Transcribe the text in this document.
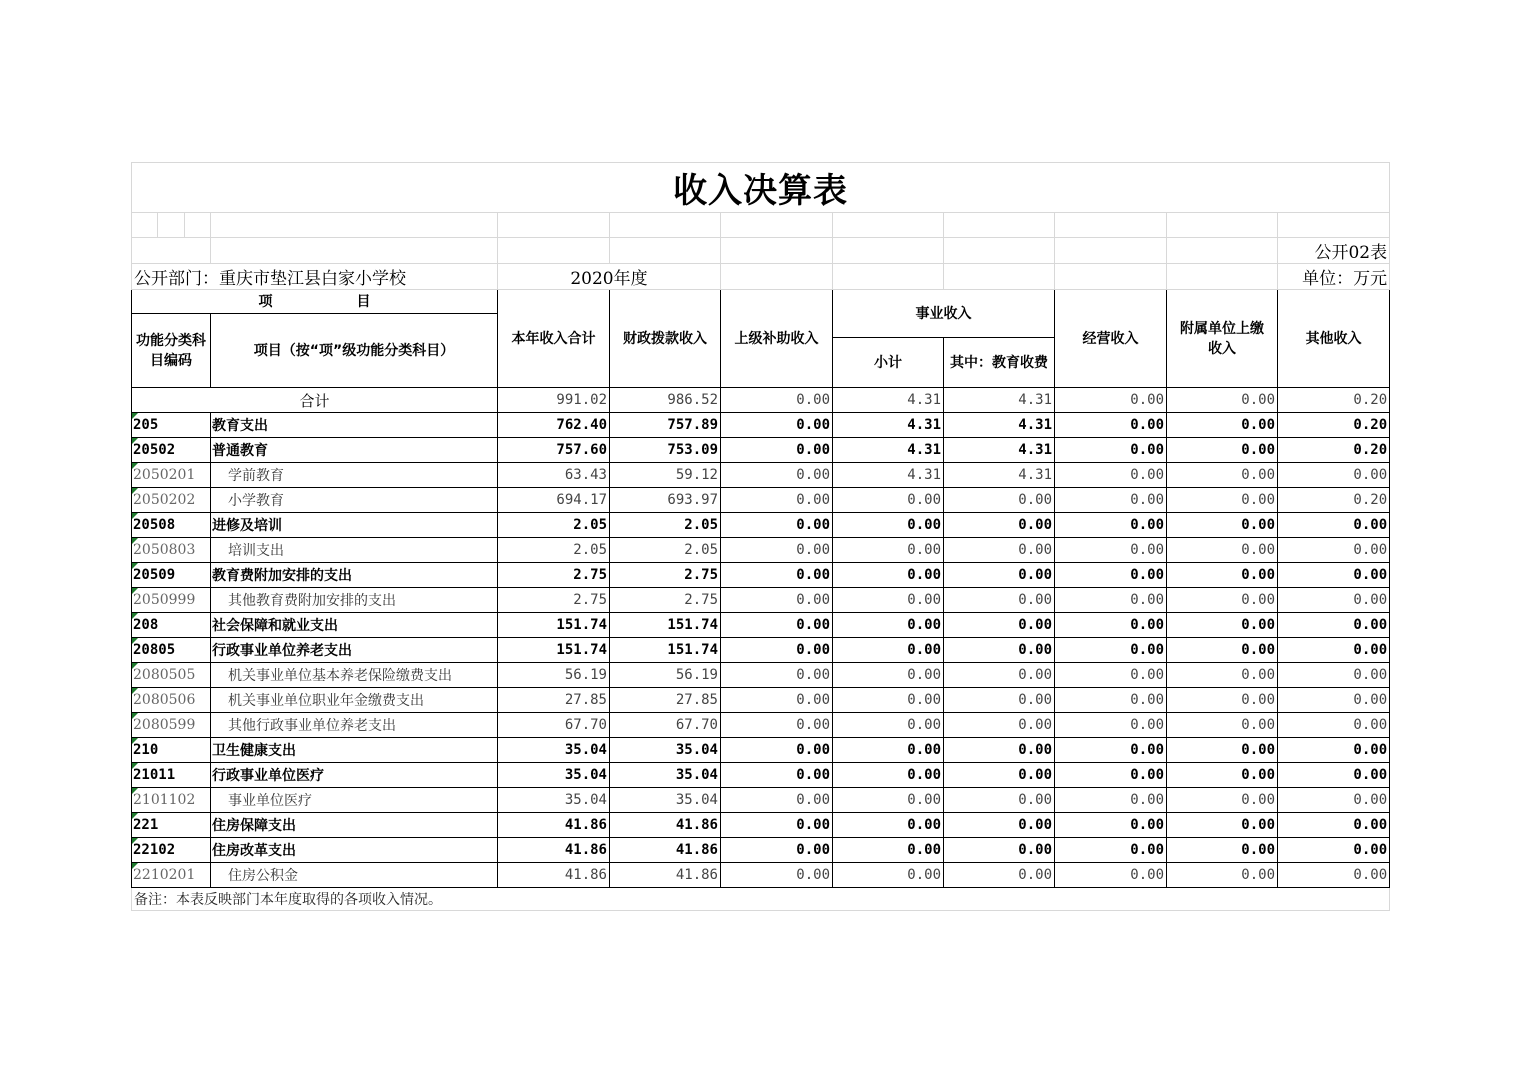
收入决算表											

											公开02表
公开部门：重庆市垫江县白家小学校				2020年度							单位：万元
项　　　　　　目				本年收入合计	财政拨款收入	上级补助收入	事业收入		经营收入	附属单位上缴收入	其他收入
功能分类科目编码			项目（按“项”级功能分类科目）								
							小计	其中：教育收费			
合计				991.02	986.52	0.00	4.31	4.31	0.00	0.00	0.20
205			教育支出	762.40	757.89	0.00	4.31	4.31	0.00	0.00	0.20
20502			普通教育	757.60	753.09	0.00	4.31	4.31	0.00	0.00	0.20
2050201			学前教育	63.43	59.12	0.00	4.31	4.31	0.00	0.00	0.00
2050202			小学教育	694.17	693.97	0.00	0.00	0.00	0.00	0.00	0.20
20508			进修及培训	2.05	2.05	0.00	0.00	0.00	0.00	0.00	0.00
2050803			培训支出	2.05	2.05	0.00	0.00	0.00	0.00	0.00	0.00
20509			教育费附加安排的支出	2.75	2.75	0.00	0.00	0.00	0.00	0.00	0.00
2050999			其他教育费附加安排的支出	2.75	2.75	0.00	0.00	0.00	0.00	0.00	0.00
208			社会保障和就业支出	151.74	151.74	0.00	0.00	0.00	0.00	0.00	0.00
20805			行政事业单位养老支出	151.74	151.74	0.00	0.00	0.00	0.00	0.00	0.00
2080505			机关事业单位基本养老保险缴费支出	56.19	56.19	0.00	0.00	0.00	0.00	0.00	0.00
2080506			机关事业单位职业年金缴费支出	27.85	27.85	0.00	0.00	0.00	0.00	0.00	0.00
2080599			其他行政事业单位养老支出	67.70	67.70	0.00	0.00	0.00	0.00	0.00	0.00
210			卫生健康支出	35.04	35.04	0.00	0.00	0.00	0.00	0.00	0.00
21011			行政事业单位医疗	35.04	35.04	0.00	0.00	0.00	0.00	0.00	0.00
2101102			事业单位医疗	35.04	35.04	0.00	0.00	0.00	0.00	0.00	0.00
221			住房保障支出	41.86	41.86	0.00	0.00	0.00	0.00	0.00	0.00
22102			住房改革支出	41.86	41.86	0.00	0.00	0.00	0.00	0.00	0.00
2210201			住房公积金	41.86	41.86	0.00	0.00	0.00	0.00	0.00	0.00
备注：本表反映部门本年度取得的各项收入情况。											
